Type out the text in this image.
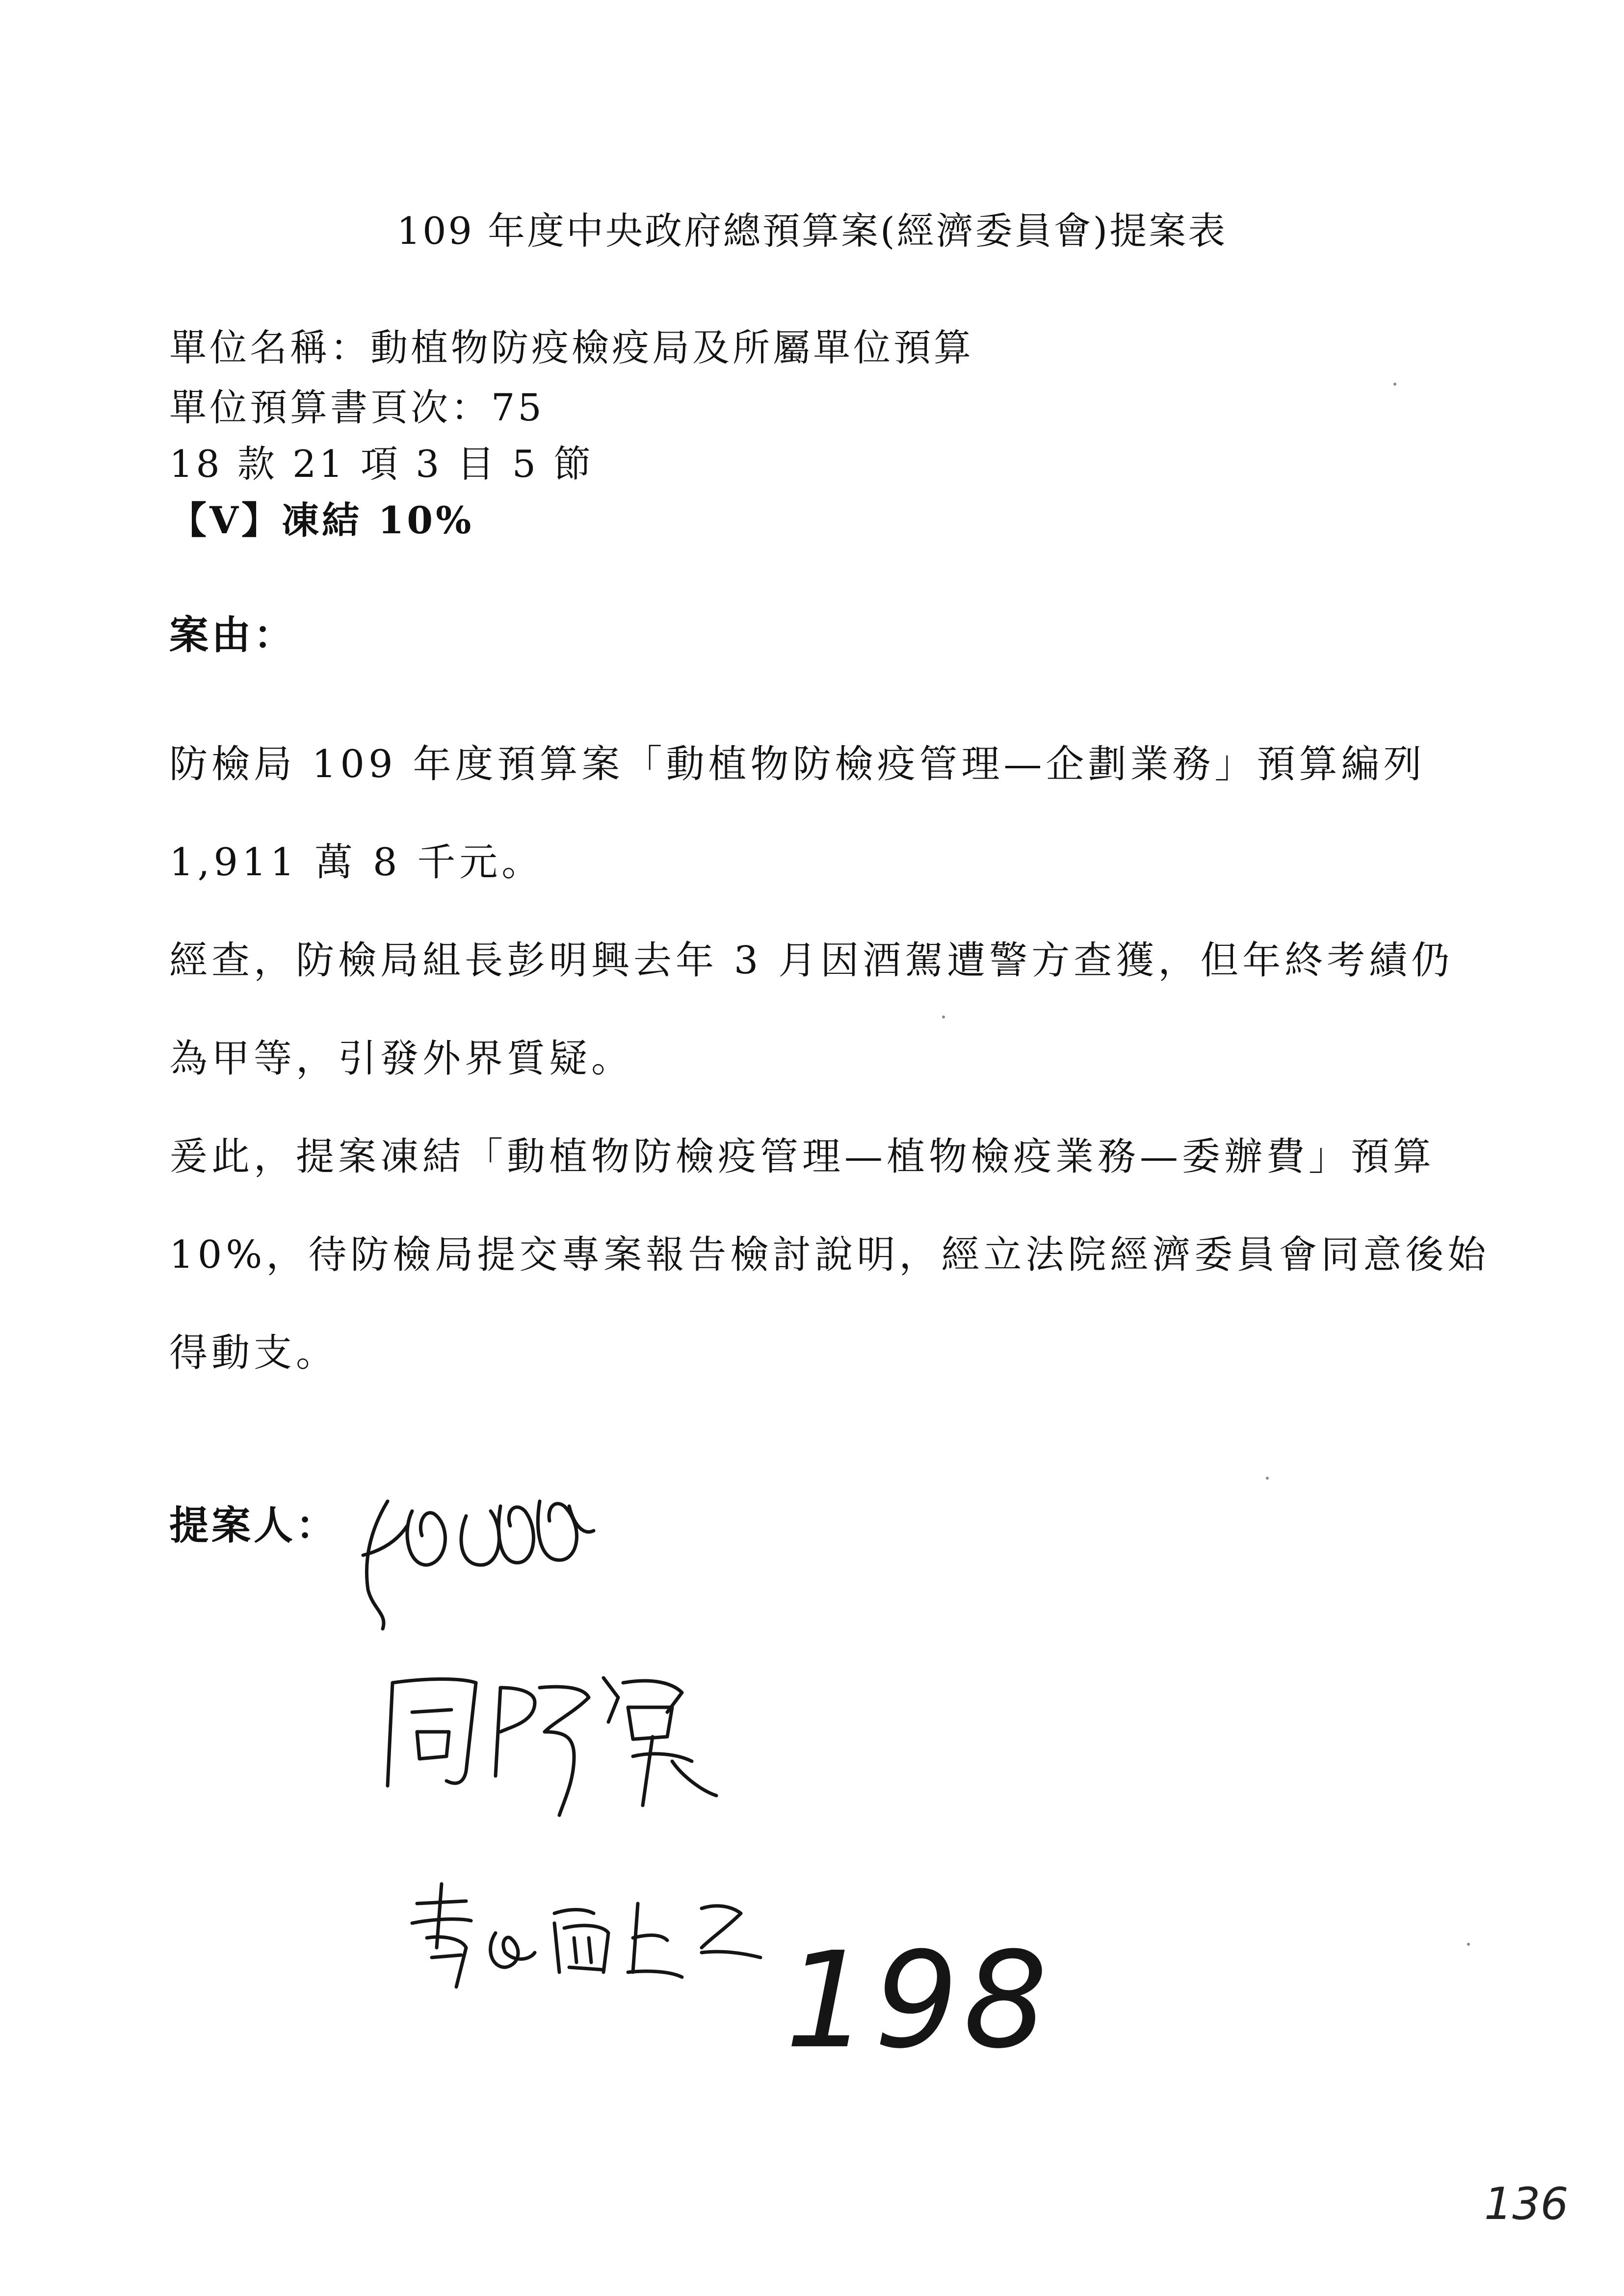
109 年度中央政府總預算案(經濟委員會)提案表
單位名稱：動植物防疫檢疫局及所屬單位預算
單位預算書頁次：75
18 款 21 項 3 目 5 節
【V】凍結 10%
案由：
防檢局 109 年度預算案「動植物防檢疫管理—企劃業務」預算編列
1,911 萬 8 千元。
經查，防檢局組長彭明興去年 3 月因酒駕遭警方查獲，但年終考績仍
為甲等，引發外界質疑。
爰此，提案凍結「動植物防檢疫管理—植物檢疫業務—委辦費」預算
10%，待防檢局提交專案報告檢討說明，經立法院經濟委員會同意後始
得動支。
提案人：
198
136
